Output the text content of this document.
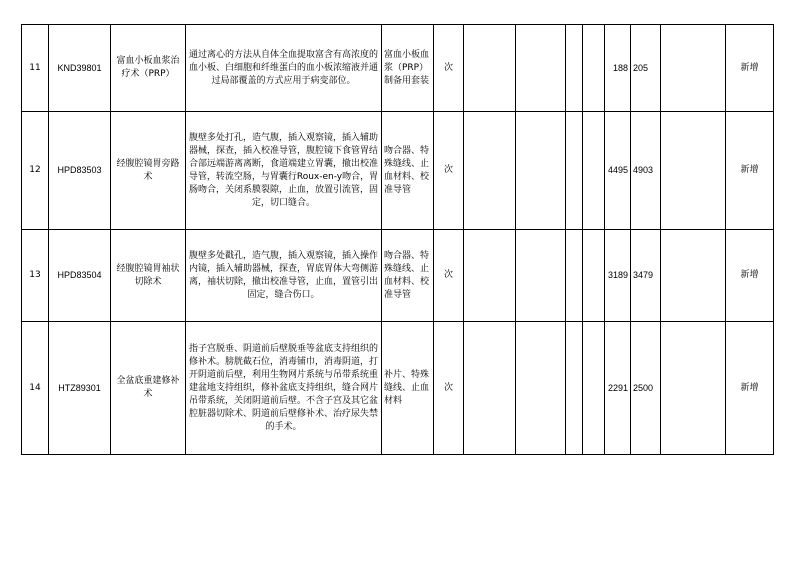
11	KND39801	富血小板血浆治疗术（PRP）	通过离心的方法从自体全血提取富含有高浓度的血小板、白细胞和纤维蛋白的血小板浓缩液并通过局部覆盖的方式应用于病变部位。	富血小板血浆（PRP）制备用套装	次					188	205		新增
12	HPD83503	经腹腔镜胃旁路术	腹壁多处打孔，造气腹，插入观察镜，插入辅助器械，探查，插入校准导管，腹腔镜下食管胃结合部远端游离离断，食道端建立胃囊，撤出校准导管，转流空肠，与胃囊行Roux-en-y吻合，胃肠吻合，关闭系膜裂隙，止血，放置引流管，固定，切口缝合。	吻合器、特殊缝线、止血材料、校准导管	次					4495	4903		新增
13	HPD83504	经腹腔镜胃袖状切除术	腹壁多处戳孔，造气腹，插入观察镜，插入操作内镜，插入辅助器械，探查，胃底胃体大弯侧游离，袖状切除，撤出校准导管，止血，置管引出固定，缝合伤口。	吻合器、特殊缝线、止血材料、校准导管	次					3189	3479		新增
14	HTZ89301	全盆底重建修补术	指子宫脱垂、阴道前后壁脱垂等盆底支持组织的修补术。膀胱截石位，消毒铺巾，消毒阴道，打开阴道前后壁，利用生物网片系统与吊带系统重建盆地支持组织，修补盆底支持组织，缝合网片吊带系统，关闭阴道前后壁。不含子宫及其它盆腔脏器切除术、阴道前后壁修补术、治疗尿失禁的手术。	补片、特殊缝线、止血材料	次					2291	2500		新增
